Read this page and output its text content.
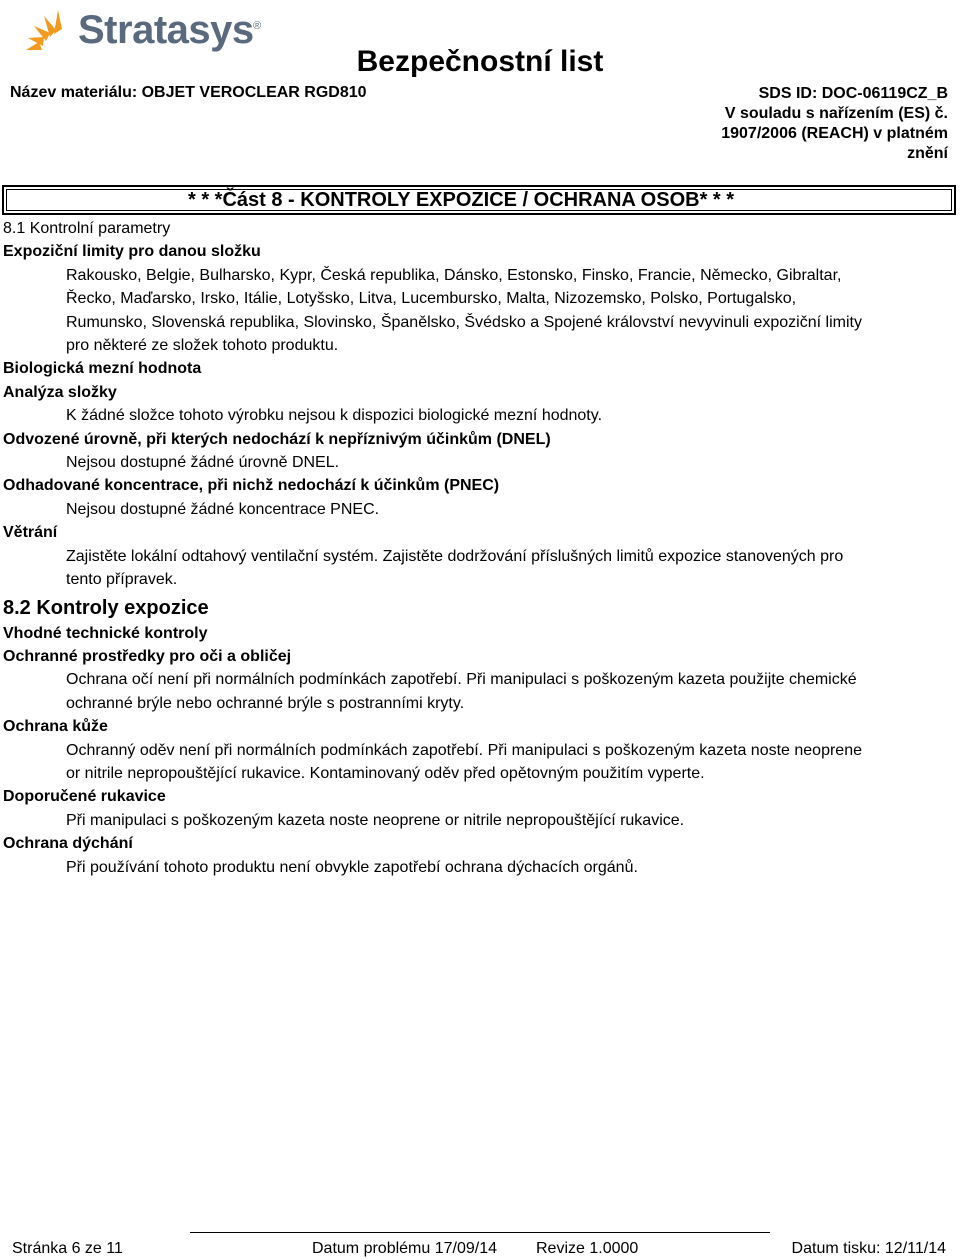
Stratasys ®
Bezpečnostní list
Název materiálu: OBJET VEROCLEAR RGD810	SDS ID: DOC-06119CZ_B
V souladu s nařízením (ES) č.
1907/2006 (REACH) v platném
znění
* * *Část 8 - KONTROLY EXPOZICE / OCHRANA OSOB* * *
8.1 Kontrolní parametry
Expoziční limity pro danou složku
Rakousko, Belgie, Bulharsko, Kypr, Česká republika, Dánsko, Estonsko, Finsko, Francie, Německo, Gibraltar,
Řecko, Maďarsko, Irsko, Itálie, Lotyšsko, Litva, Lucembursko, Malta, Nizozemsko, Polsko, Portugalsko,
Rumunsko, Slovenská republika, Slovinsko, Španělsko, Švédsko a Spojené království nevyvinuli expoziční limity
pro některé ze složek tohoto produktu.
Biologická mezní hodnota
Analýza složky
K žádné složce tohoto výrobku nejsou k dispozici biologické mezní hodnoty.
Odvozené úrovně, při kterých nedochází k nepříznivým účinkům (DNEL)
Nejsou dostupné žádné úrovně DNEL.
Odhadované koncentrace, při nichž nedochází k účinkům (PNEC)
Nejsou dostupné žádné koncentrace PNEC.
Větrání
Zajistěte lokální odtahový ventilační systém. Zajistěte dodržování příslušných limitů expozice stanovených pro
tento přípravek.
8.2 Kontroly expozice
Vhodné technické kontroly
Ochranné prostředky pro oči a obličej
Ochrana očí není při normálních podmínkách zapotřebí. Při manipulaci s poškozeným kazeta použijte chemické
ochranné brýle nebo ochranné brýle s postranními kryty.
Ochrana kůže
Ochranný oděv není při normálních podmínkách zapotřebí. Při manipulaci s poškozeným kazeta noste neoprene
or nitrile nepropouštějící rukavice. Kontaminovaný oděv před opětovným použitím vyperte.
Doporučené rukavice
Při manipulaci s poškozeným kazeta noste neoprene or nitrile nepropouštějící rukavice.
Ochrana dýchání
Při používání tohoto produktu není obvykle zapotřebí ochrana dýchacích orgánů.
Stránka 6 ze 11	Datum problému 17/09/14 Revize 1.0000	Datum tisku: 12/11/14
